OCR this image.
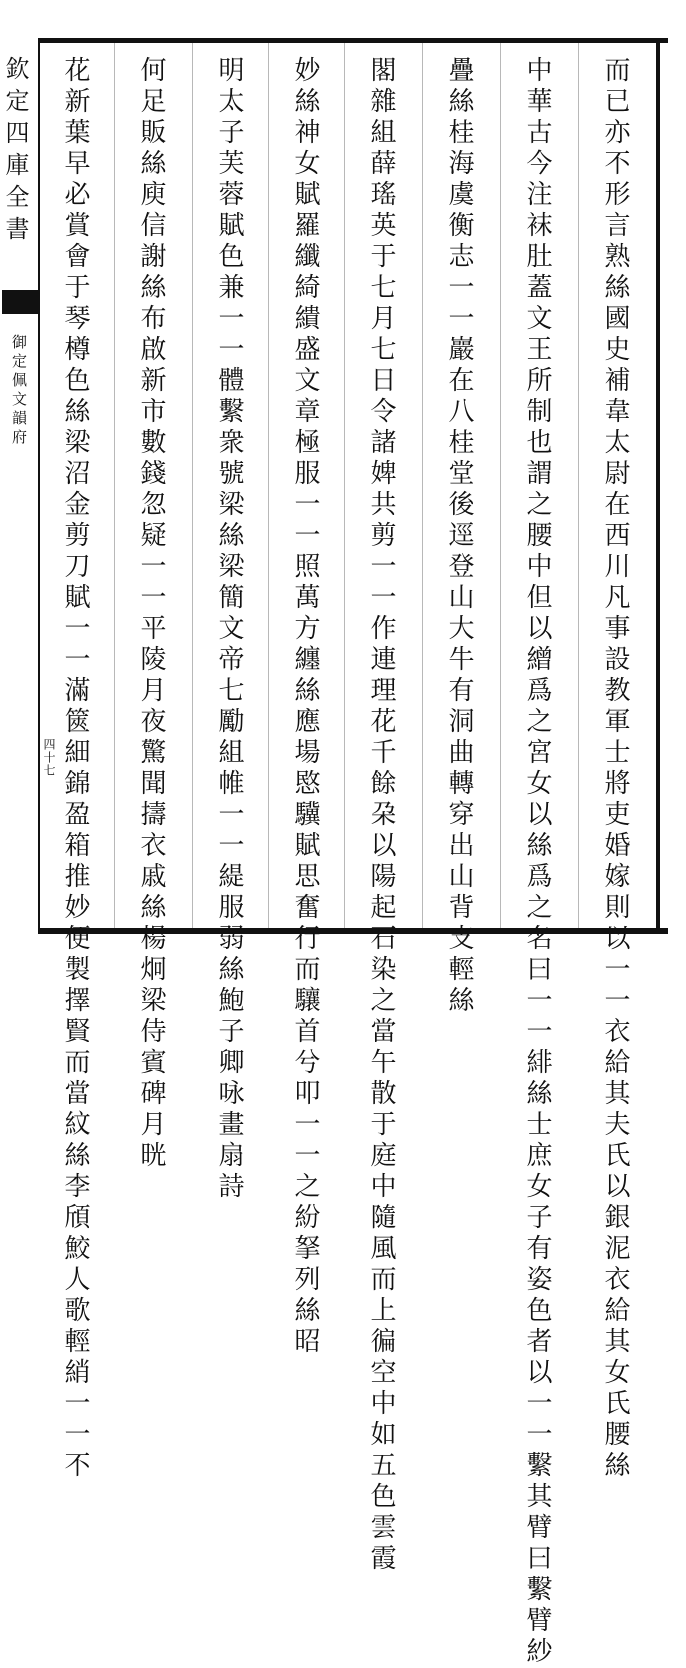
欽定四庫全書
御定佩文韻府
四十七	而已亦不形言熟絲國史補韋太尉在西川凡事設教軍士將吏婚嫁則以一一衣給其夫氏以銀泥衣給其女氏腰絲
中華古今注袜肚蓋文王所制也謂之腰中但以繒爲之宮女以絲爲之名曰一一緋絲士庶女子有姿色者以一一繫其臂曰繫臂紗
疊絲桂海虞衡志一一巖在八桂堂後逕登山大牛有洞曲轉穿出山背支輕絲
閣雜組薛瑤英于七月七日令諸婢共剪一一作連理花千餘朶以陽起石染之當午散于庭中隨風而上徧空中如五色雲霞
妙絲神女賦羅纖綺繢盛文章極服一一照萬方纏絲應場愍驥賦思奮行而驤首兮叩一一之紛拏列絲昭
明太子芙蓉賦色兼一一體繫衆號梁絲梁簡文帝七勵組帷一一緹服弱絲鮑子卿咏畫扇詩
何足販絲庾信謝絲布啟新市數錢忽疑一一平陵月夜驚聞擣衣戚絲楊炯梁侍賓碑月晄
花新葉早必賞會于琴樽色絲梁沼金剪刀賦一一滿篋細錦盈箱推妙便製擇賢而當紋絲李頎鮫人歌輕綃一一不
